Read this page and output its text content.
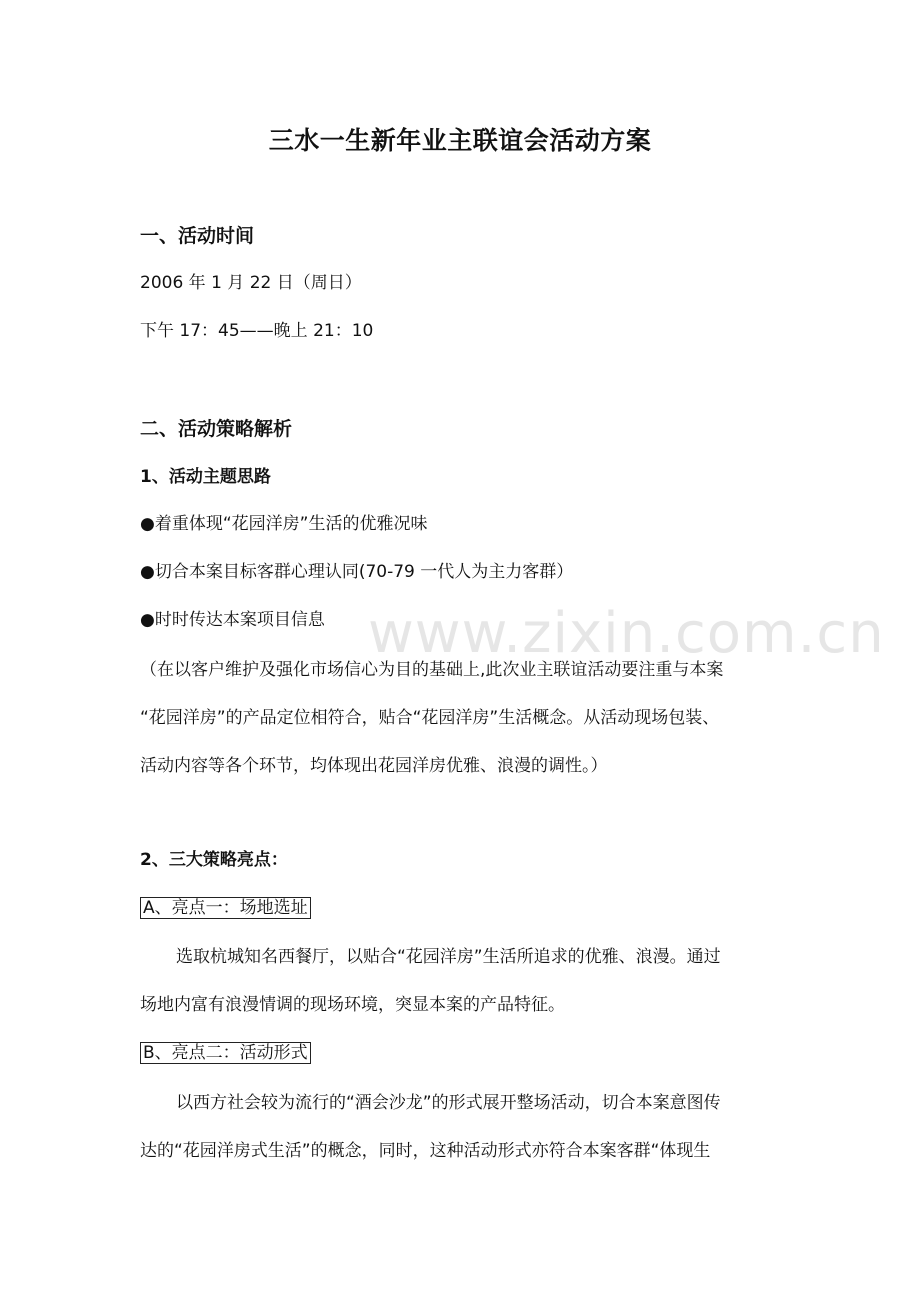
www.zixin.com.cn
三水一生新年业主联谊会活动方案
一、活动时间
2006 年 1 月 22 日（周日）
下午 17：45——晚上 21：10
二、活动策略解析
1、活动主题思路
●着重体现“花园洋房”生活的优雅况味
●切合本案目标客群心理认同(70-79 一代人为主力客群）
●时时传达本案项目信息
（在以客户维护及强化市场信心为目的基础上,此次业主联谊活动要注重与本案
“花园洋房”的产品定位相符合，贴合“花园洋房”生活概念。从活动现场包装、
活动内容等各个环节，均体现出花园洋房优雅、浪漫的调性。）
2、三大策略亮点：
A、亮点一：场地选址
选取杭城知名西餐厅，以贴合“花园洋房”生活所追求的优雅、浪漫。通过
场地内富有浪漫情调的现场环境，突显本案的产品特征。
B、亮点二：活动形式
以西方社会较为流行的“酒会沙龙”的形式展开整场活动，切合本案意图传
达的“花园洋房式生活”的概念，同时，这种活动形式亦符合本案客群“体现生
